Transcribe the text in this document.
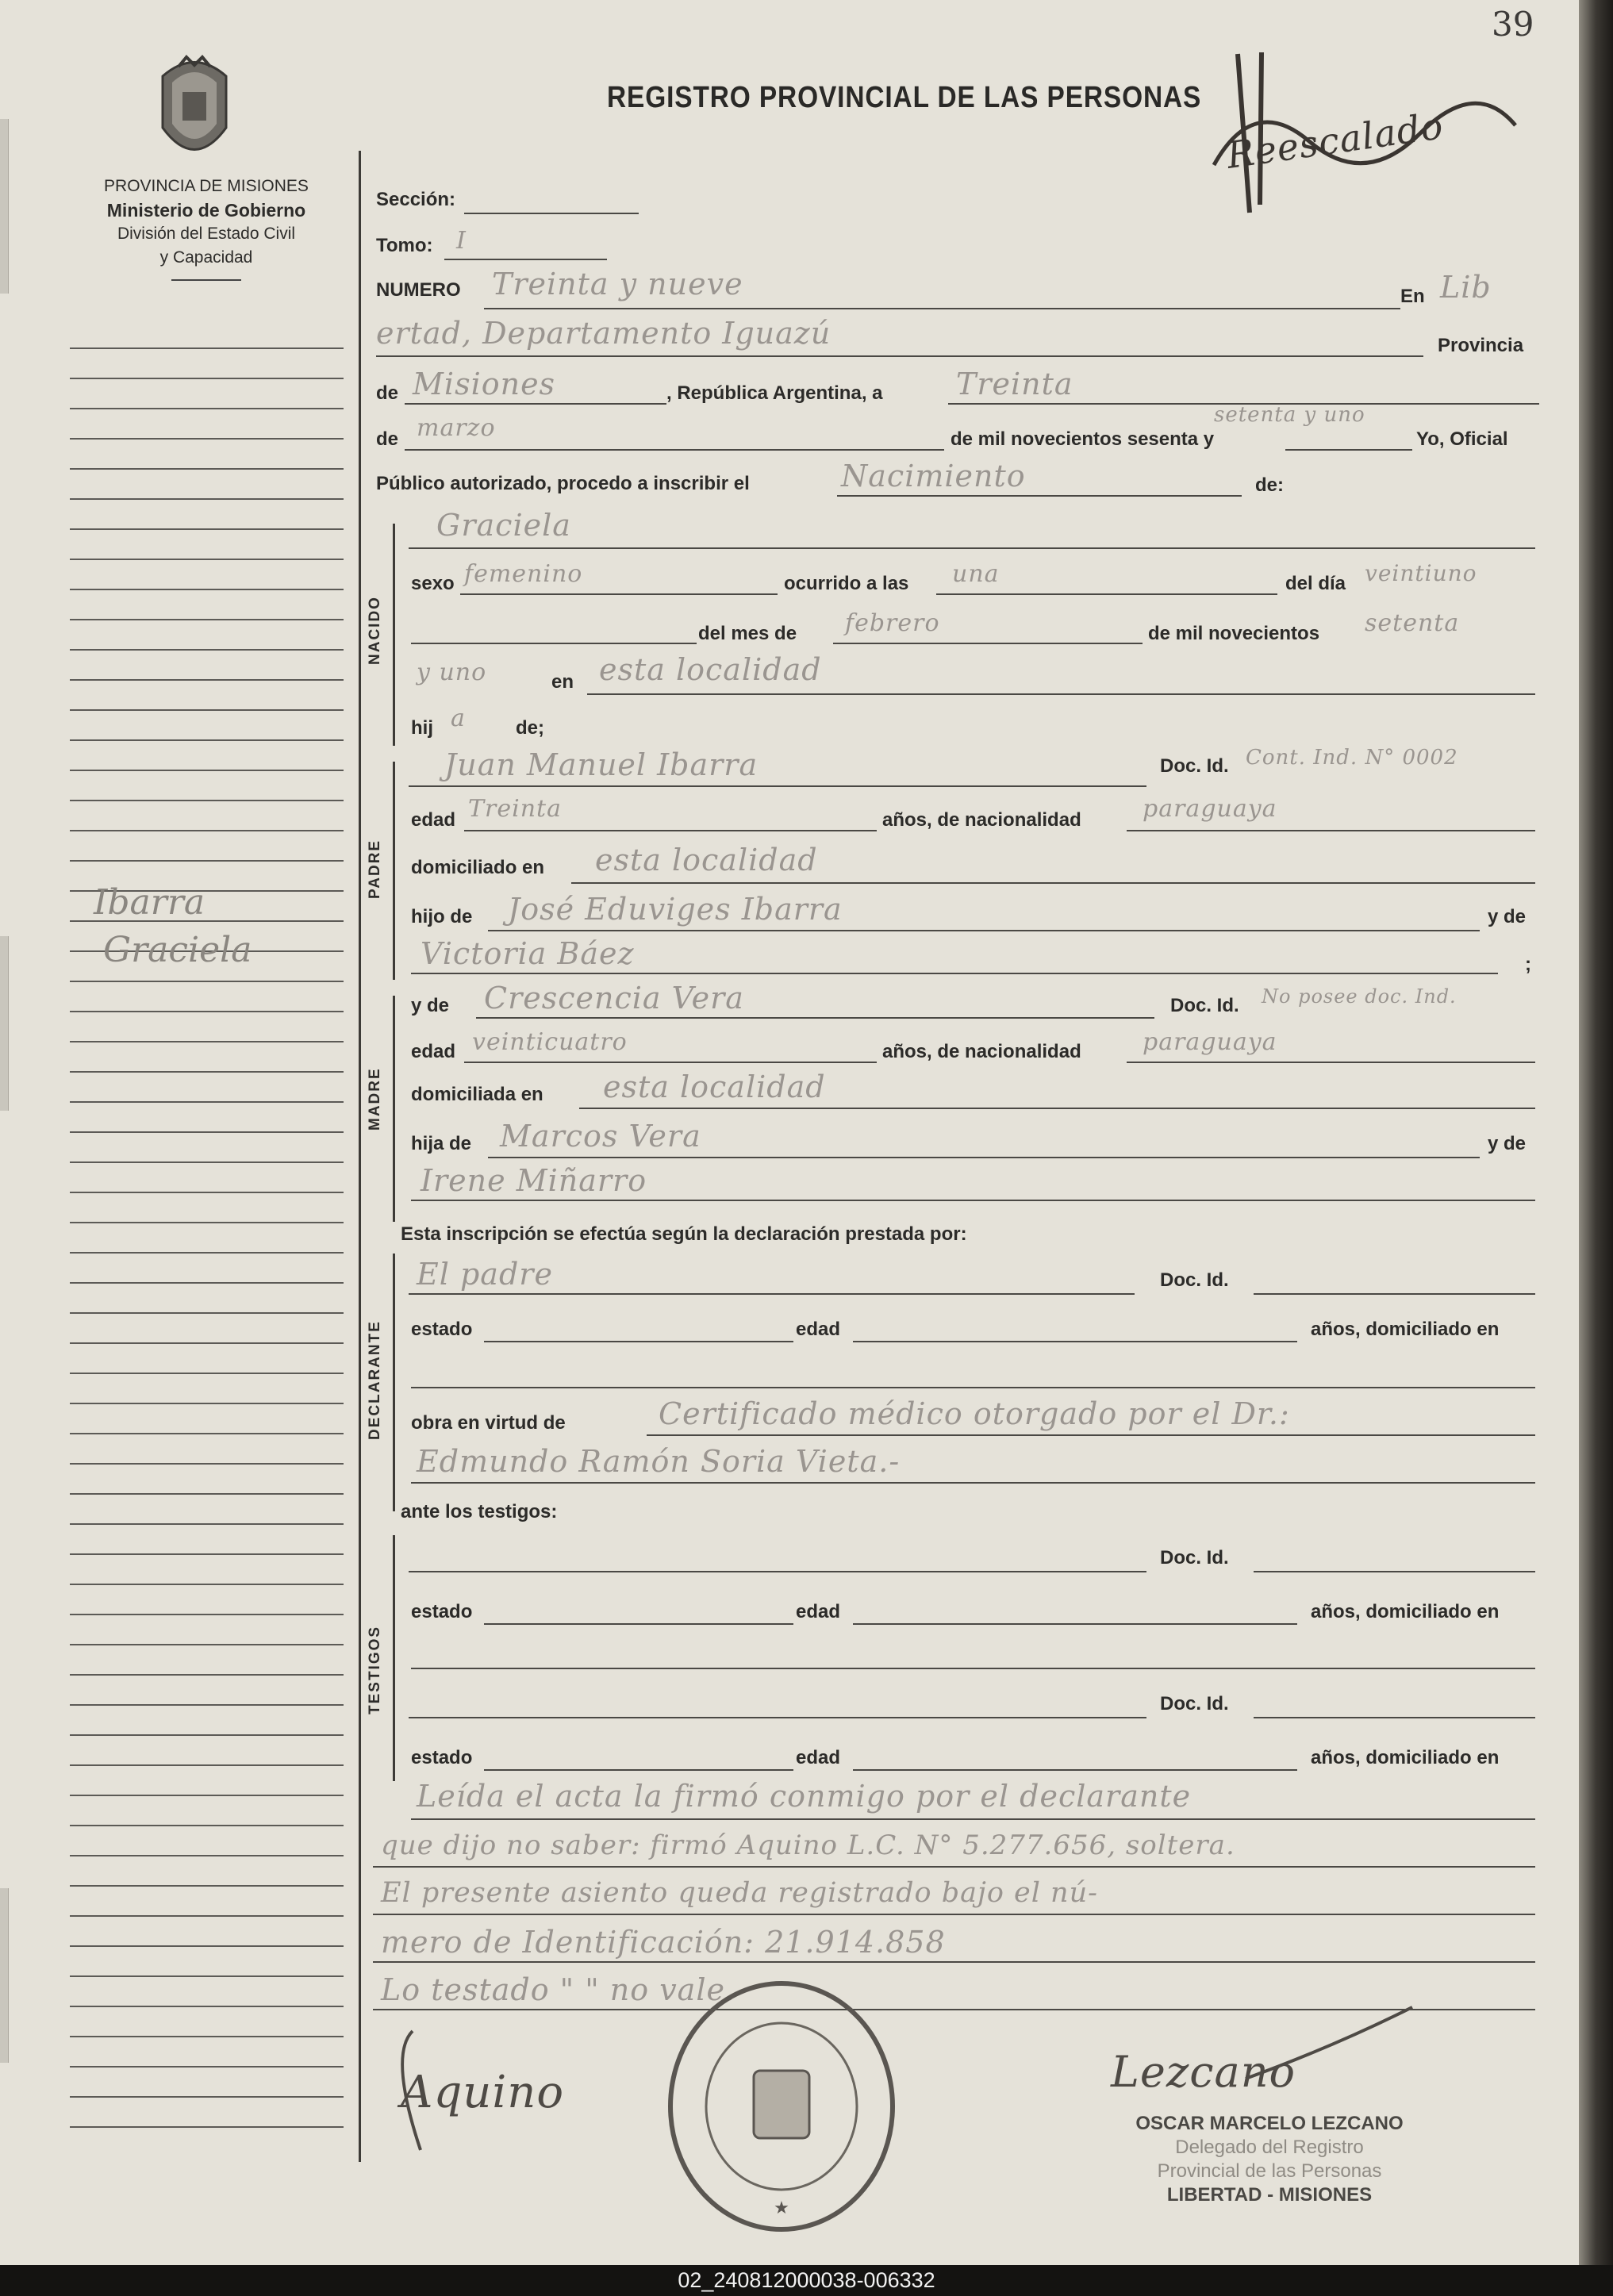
39
REGISTRO PROVINCIAL DE LAS PERSONAS
PROVINCIA DE MISIONES
Ministerio de Gobierno
División del Estado Civil
y Capacidad
Reescalado
Ibarra
Graciela
Sección:
Tomo: I
NUMERO Treinta y nueve	En Lib
ertad, Departamento Iguazú	Provincia
de Misiones	, República Argentina, a Treinta
de marzo	de mil novecientos sesenta y
setenta y uno
Yo, Oficial
Público autorizado, procedo a inscribir el	Nacimiento	de:
NACIDO
Graciela
sexo femenino	ocurrido a las una	del día veintiuno
del mes de febrero	de mil novecientos setenta
y uno	en esta localidad
hij a	de;
PADRE
Juan Manuel Ibarra	Doc. Id. Cont. Ind. N° 0002
edad Treinta	años, de nacionalidad	paraguaya
domiciliado en esta localidad
hijo de José Eduviges Ibarra	y de
Victoria Báez	;
MADRE
y de Crescencia Vera	Doc. Id. No posee doc. Ind.
edad veinticuatro	años, de nacionalidad	paraguaya
domiciliada en esta localidad
hija de Marcos Vera	y de
Irene Miñarro
Esta inscripción se efectúa según la declaración prestada por:
DECLARANTE
El padre	Doc. Id.
estado	edad	años, domiciliado en
obra en virtud de	Certificado médico otorgado por el Dr.:
Edmundo Ramón Soria Vieta.-
ante los testigos:
TESTIGOS
Doc. Id.
estado	edad	años, domiciliado en
Doc. Id.
estado	edad	años, domiciliado en
Leída el acta la firmó conmigo por el declarante
que dijo no saber: firmó Aquino L.C. N° 5.277.656, soltera.
El presente asiento queda registrado bajo el nú-
mero de Identificación: 21.914.858
Lo testado " " no vale.
★
Aquino	Lezcano
OSCAR MARCELO LEZCANO
Delegado del Registro
Provincial de las Personas
LIBERTAD - MISIONES
02_240812000038-006332
